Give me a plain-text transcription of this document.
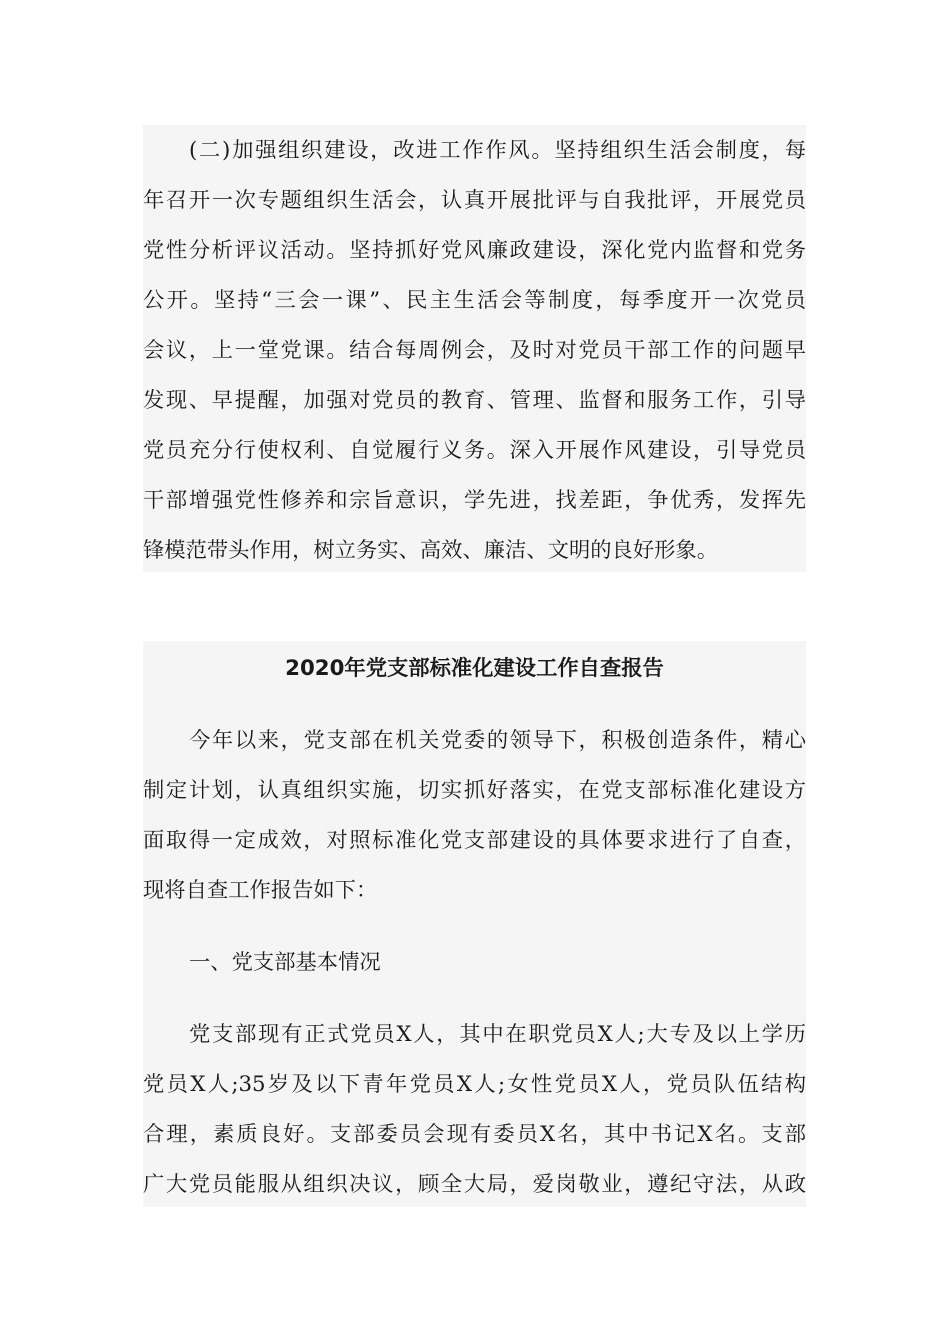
(二)加强组织建设，改进工作作风。坚持组织生活会制度，每
年召开一次专题组织生活会，认真开展批评与自我批评，开展党员
党性分析评议活动。坚持抓好党风廉政建设，深化党内监督和党务
公开。坚持“三会一课”、民主生活会等制度，每季度开一次党员
会议，上一堂党课。结合每周例会，及时对党员干部工作的问题早
发现、早提醒，加强对党员的教育、管理、监督和服务工作，引导
党员充分行使权利、自觉履行义务。深入开展作风建设，引导党员
干部增强党性修养和宗旨意识，学先进，找差距，争优秀，发挥先
锋模范带头作用，树立务实、高效、廉洁、文明的良好形象。
2020年党支部标准化建设工作自查报告
今年以来，党支部在机关党委的领导下，积极创造条件，精心
制定计划，认真组织实施，切实抓好落实，在党支部标准化建设方
面取得一定成效，对照标准化党支部建设的具体要求进行了自查，
现将自查工作报告如下：
一、党支部基本情况
党支部现有正式党员X人，其中在职党员X人;大专及以上学历
党员X人;35岁及以下青年党员X人;女性党员X人，党员队伍结构
合理，素质良好。支部委员会现有委员X名，其中书记X名。支部
广大党员能服从组织决议，顾全大局，爱岗敬业，遵纪守法，从政
